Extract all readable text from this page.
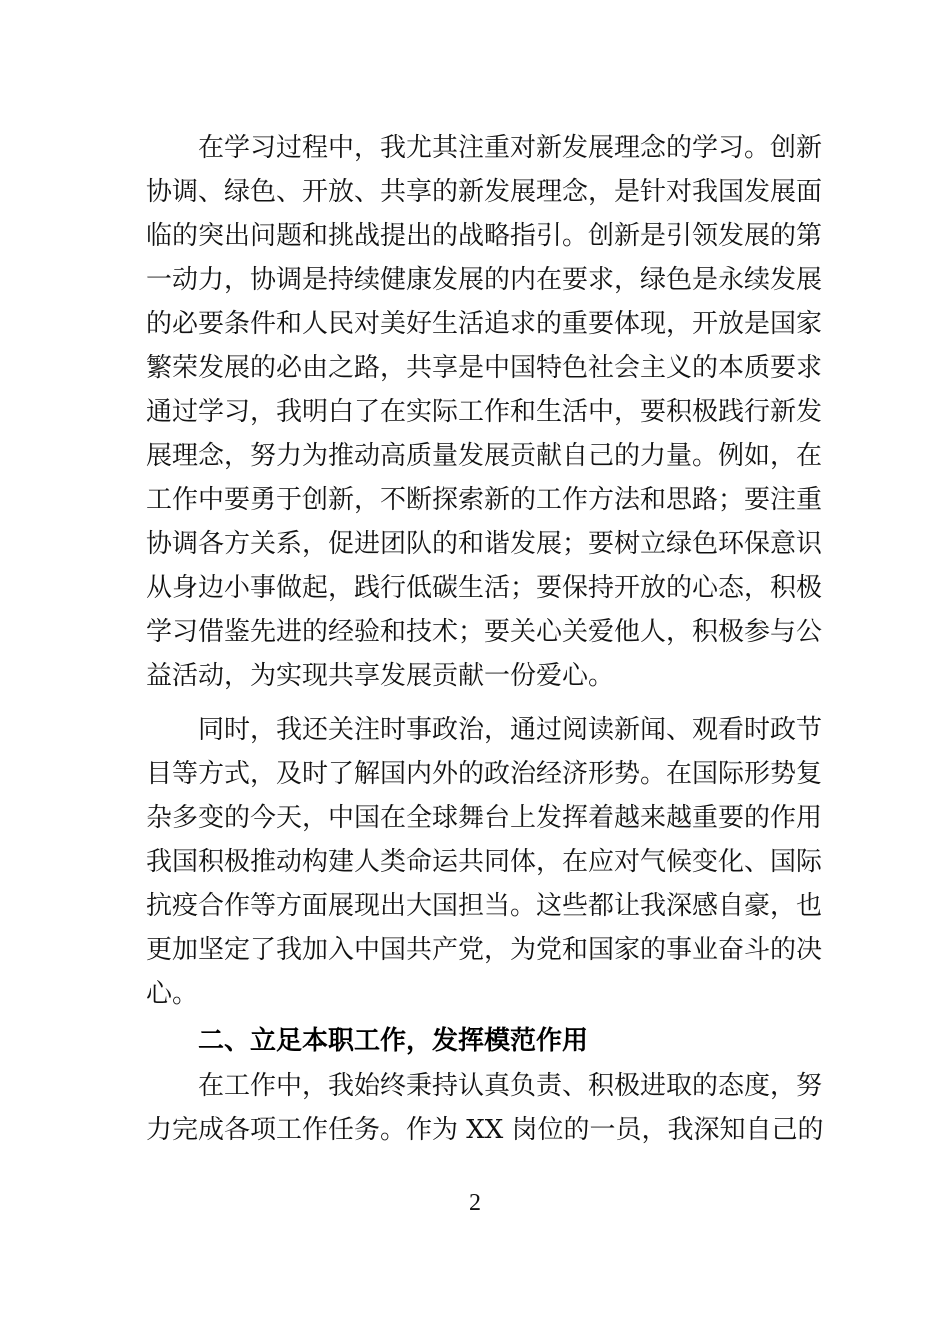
在学习过程中，我尤其注重对新发展理念的学习。创新
协调、绿色、开放、共享的新发展理念，是针对我国发展面
临的突出问题和挑战提出的战略指引。创新是引领发展的第
一动力，协调是持续健康发展的内在要求，绿色是永续发展
的必要条件和人民对美好生活追求的重要体现，开放是国家
繁荣发展的必由之路，共享是中国特色社会主义的本质要求
通过学习，我明白了在实际工作和生活中，要积极践行新发
展理念，努力为推动高质量发展贡献自己的力量。例如，在
工作中要勇于创新，不断探索新的工作方法和思路；要注重
协调各方关系，促进团队的和谐发展；要树立绿色环保意识
从身边小事做起，践行低碳生活；要保持开放的心态，积极
学习借鉴先进的经验和技术；要关心关爱他人，积极参与公
益活动，为实现共享发展贡献一份爱心。
同时，我还关注时事政治，通过阅读新闻、观看时政节
目等方式，及时了解国内外的政治经济形势。在国际形势复
杂多变的今天，中国在全球舞台上发挥着越来越重要的作用
我国积极推动构建人类命运共同体，在应对气候变化、国际
抗疫合作等方面展现出大国担当。这些都让我深感自豪，也
更加坚定了我加入中国共产党，为党和国家的事业奋斗的决
心。
二、立足本职工作，发挥模范作用
在工作中，我始终秉持认真负责、积极进取的态度，努
力完成各项工作任务。作为 XX 岗位的一员，我深知自己的
2
